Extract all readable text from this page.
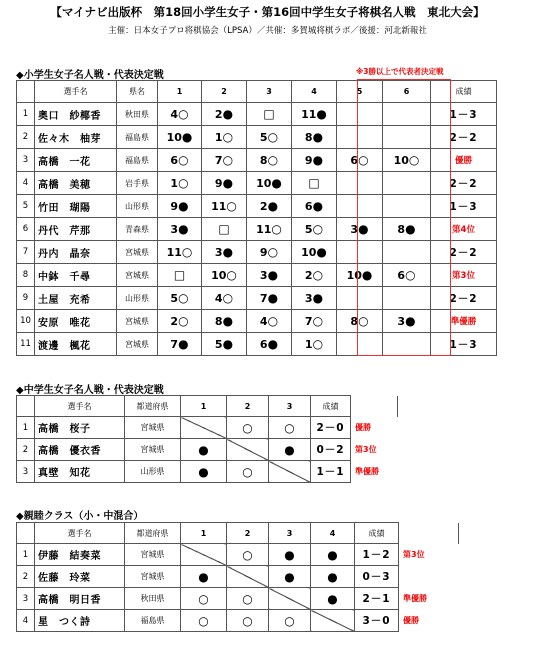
【マイナビ出版杯　第18回小学生女子・第16回中学生女子将棋名人戦　東北大会】
主催：日本女子プロ将棋協会（LPSA）／共催：多賀城将棋ラボ／後援：河北新報社
◆小学生女子名人戦・代表決定戦	※3勝以上で代表者決定戦
	選手名	県名	1	2	3	4	5	6	成績
1	奥口　紗椰香	秋田県	4○	2●	□	11●			1－3
2	佐々木　柚芽	福島県	10●	1○	5○	8●			2－2
3	高橋　一花	福島県	6○	7○	8○	9●	6○	10○	優勝
4	高橋　美穂	岩手県	1○	9●	10●	□			2－2
5	竹田　瑚陽	山形県	9●	11○	2●	6●			1－3
6	丹代　芹那	青森県	3●	□	11○	5○	3●	8●	第4位
7	丹内　晶奈	宮城県	11○	3●	9○	10●			2－2
8	中鉢　千尋	宮城県	□	10○	3●	2○	10●	6○	第3位
9	土屋　充希	山形県	5○	4○	7●	3●			2－2
10	安原　唯花	宮城県	2○	8●	4○	7○	8○	3●	準優勝
11	渡邊　楓花	宮城県	7●	5●	6●	1○			1－3
◆中学生女子名人戦・代表決定戦
	選手名	都道府県	1	2	3	成績	
1	高橋　桜子	宮城県		○	○	2－0	優勝
2	高橋　優衣香	宮城県	●		●	0－2	第3位
3	真壁　知花	山形県	●	○		1－1	準優勝
◆親睦クラス（小・中混合）
	選手名	都道府県	1	2	3	4	成績	
1	伊藤　結奏菜	宮城県		○	●	●	1－2	第3位
2	佐藤　玲菜	宮城県	●		●	●	0－3	
3	高橋　明日香	秋田県	○	○		●	2－1	準優勝
4	星　つく詩	福島県	○	○	○		3－0	優勝
